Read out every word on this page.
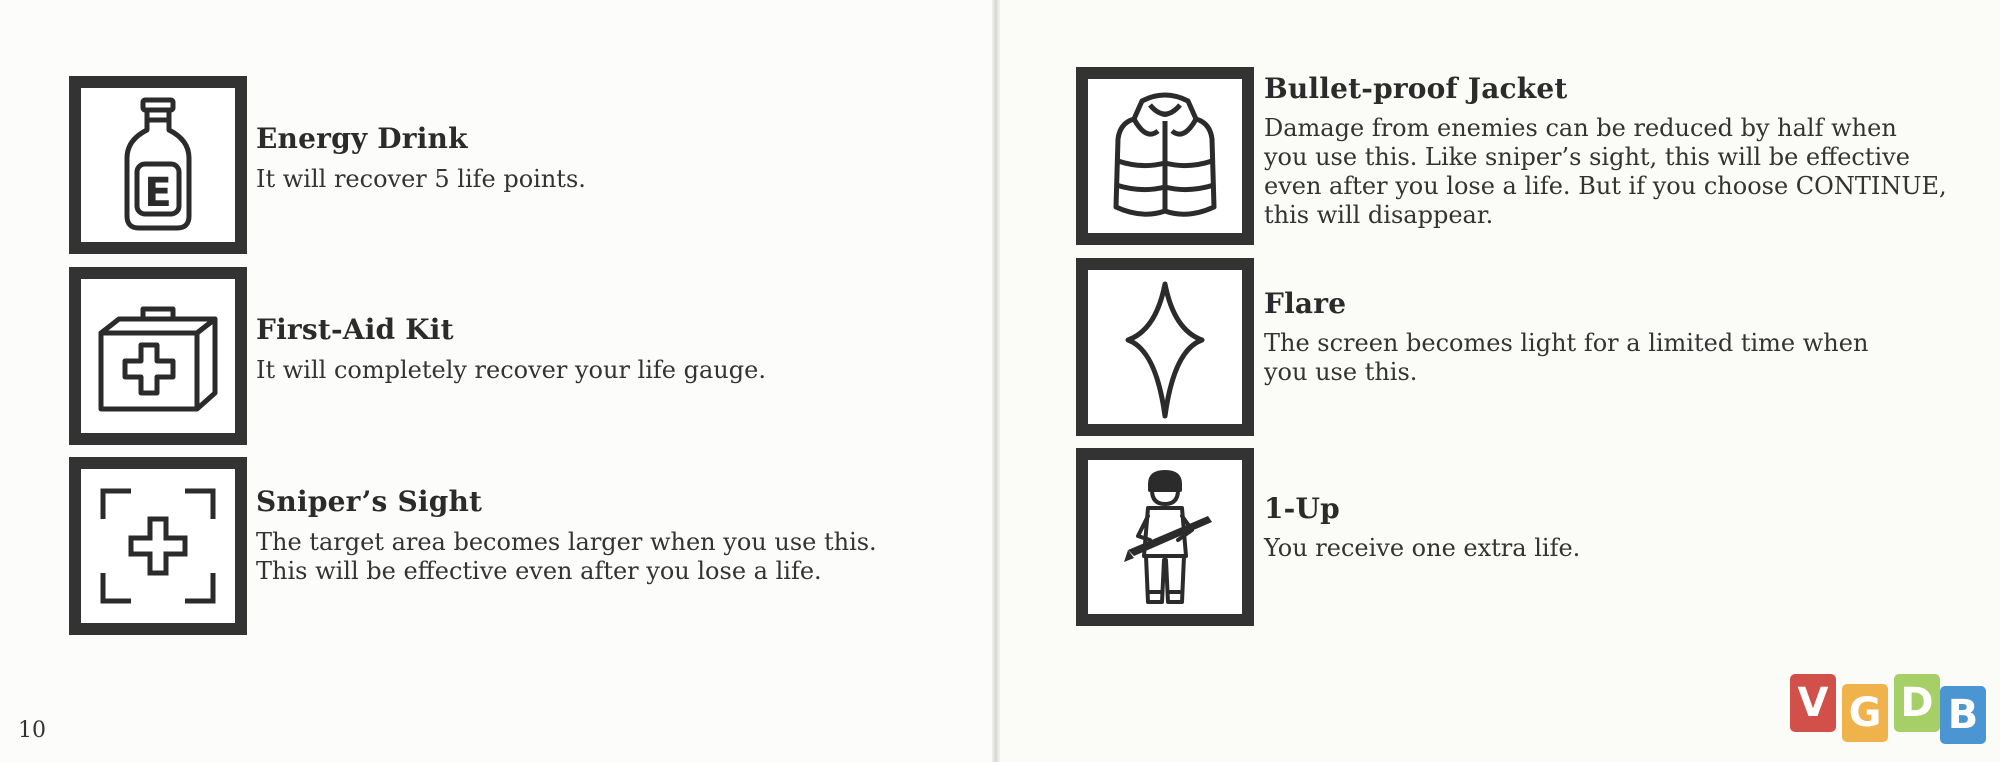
E
Energy Drink
It will recover 5 life points.
First-Aid Kit
It will completely recover your life gauge.
Sniper’s Sight
The target area becomes larger when you use this.
This will be effective even after you lose a life.
10
Bullet-proof Jacket
Damage from enemies can be reduced by half when
you use this. Like sniper’s sight, this will be effective
even after you lose a life. But if you choose CONTINUE,
this will disappear.
Flare
The screen becomes light for a limited time when
you use this.
1-Up
You receive one extra life.
V G D B
